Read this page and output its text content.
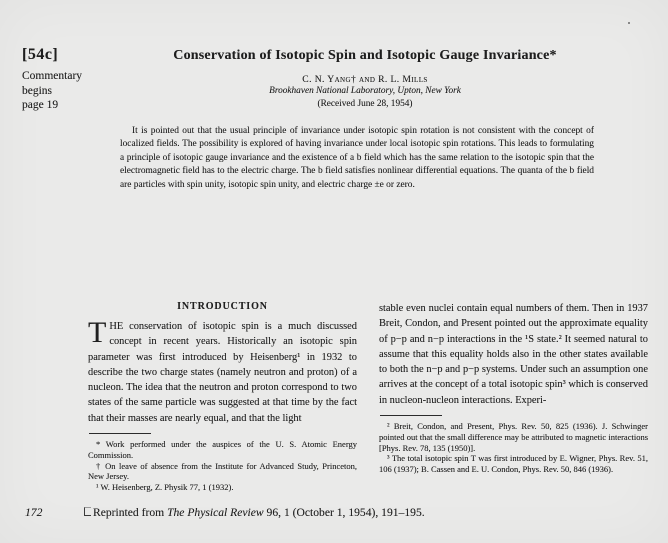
[54c]
Commentary
begins
page 19
Conservation of Isotopic Spin and Isotopic Gauge Invariance*
C. N. Yang† and R. L. Mills
Brookhaven National Laboratory, Upton, New York
(Received June 28, 1954)
It is pointed out that the usual principle of invariance under isotopic spin rotation is not consistent with the concept of localized fields. The possibility is explored of having invariance under local isotopic spin rotations. This leads to formulating a principle of isotopic gauge invariance and the existence of a b field which has the same relation to the isotopic spin that the electromagnetic field has to the electric charge. The b field satisfies nonlinear differential equations. The quanta of the b field are particles with spin unity, isotopic spin unity, and electric charge ±e or zero.
INTRODUCTION
THE conservation of isotopic spin is a much discussed concept in recent years. Historically an isotopic spin parameter was first introduced by Heisenberg¹ in 1932 to describe the two charge states (namely neutron and proton) of a nucleon. The idea that the neutron and proton correspond to two states of the same particle was suggested at that time by the fact that their masses are nearly equal, and that the light
* Work performed under the auspices of the U. S. Atomic Energy Commission.
† On leave of absence from the Institute for Advanced Study, Princeton, New Jersey.
¹ W. Heisenberg, Z. Physik 77, 1 (1932).
stable even nuclei contain equal numbers of them. Then in 1937 Breit, Condon, and Present pointed out the approximate equality of p−p and n−p interactions in the ¹S state.² It seemed natural to assume that this equality holds also in the other states available to both the n−p and p−p systems. Under such an assumption one arrives at the concept of a total isotopic spin³ which is conserved in nucleon-nucleon interactions. Experi-
² Breit, Condon, and Present, Phys. Rev. 50, 825 (1936). J. Schwinger pointed out that the small difference may be attributed to magnetic interactions [Phys. Rev. 78, 135 (1950)].
³ The total isotopic spin T was first introduced by E. Wigner, Phys. Rev. 51, 106 (1937); B. Cassen and E. U. Condon, Phys. Rev. 50, 846 (1936).
172	Reprinted from The Physical Review 96, 1 (October 1, 1954), 191–195.
